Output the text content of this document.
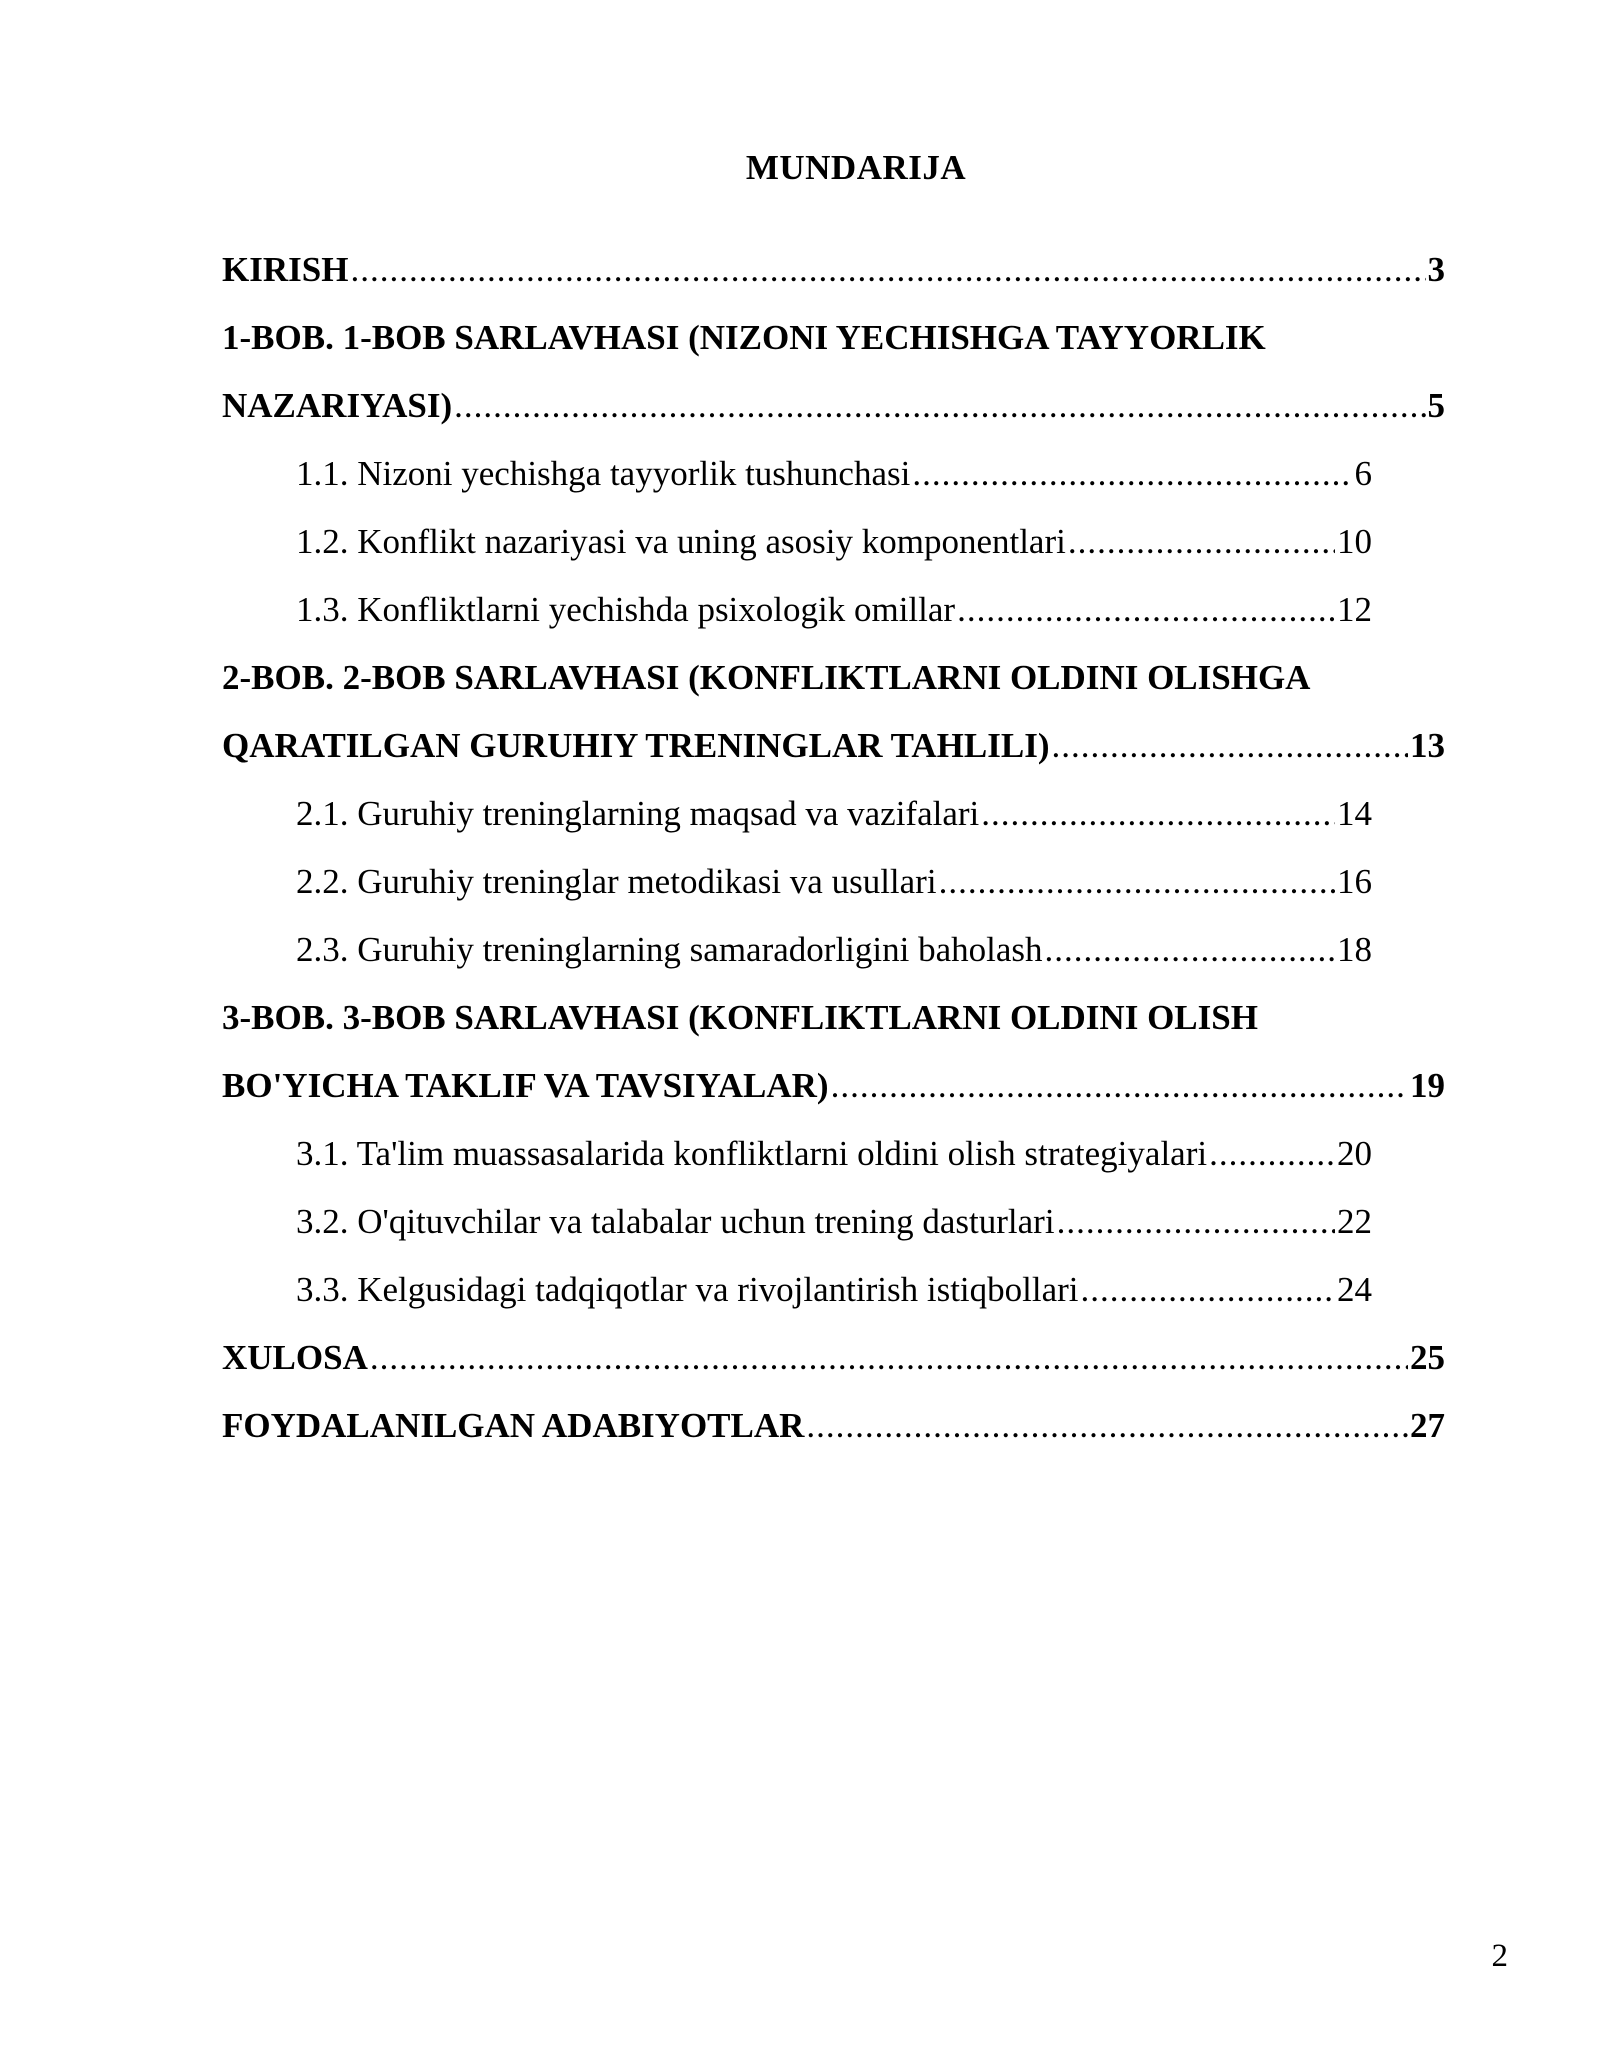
MUNDARIJA
KIRISH .....	3
1-BOB. 1-BOB SARLAVHASI (NIZONI YECHISHGA TAYYORLIK
NAZARIYASI) .....	5
1.1. Nizoni yechishga tayyorlik tushunchasi .....	6
1.2. Konflikt nazariyasi va uning asosiy komponentlari .....	10
1.3. Konfliktlarni yechishda psixologik omillar .....	12
2-BOB. 2-BOB SARLAVHASI (KONFLIKTLARNI OLDINI OLISHGA
QARATILGAN GURUHIY TRENINGLAR TAHLILI) .....	13
2.1. Guruhiy treninglarning maqsad va vazifalari .....	14
2.2. Guruhiy treninglar metodikasi va usullari .....	16
2.3. Guruhiy treninglarning samaradorligini baholash .....	18
3-BOB. 3-BOB SARLAVHASI (KONFLIKTLARNI OLDINI OLISH
BO'YICHA TAKLIF VA TAVSIYALAR) .....	19
3.1. Ta'lim muassasalarida konfliktlarni oldini olish strategiyalari .....	20
3.2. O'qituvchilar va talabalar uchun trening dasturlari .....	22
3.3. Kelgusidagi tadqiqotlar va rivojlantirish istiqbollari .....	24
XULOSA .....	25
FOYDALANILGAN ADABIYOTLAR .....	27
2
